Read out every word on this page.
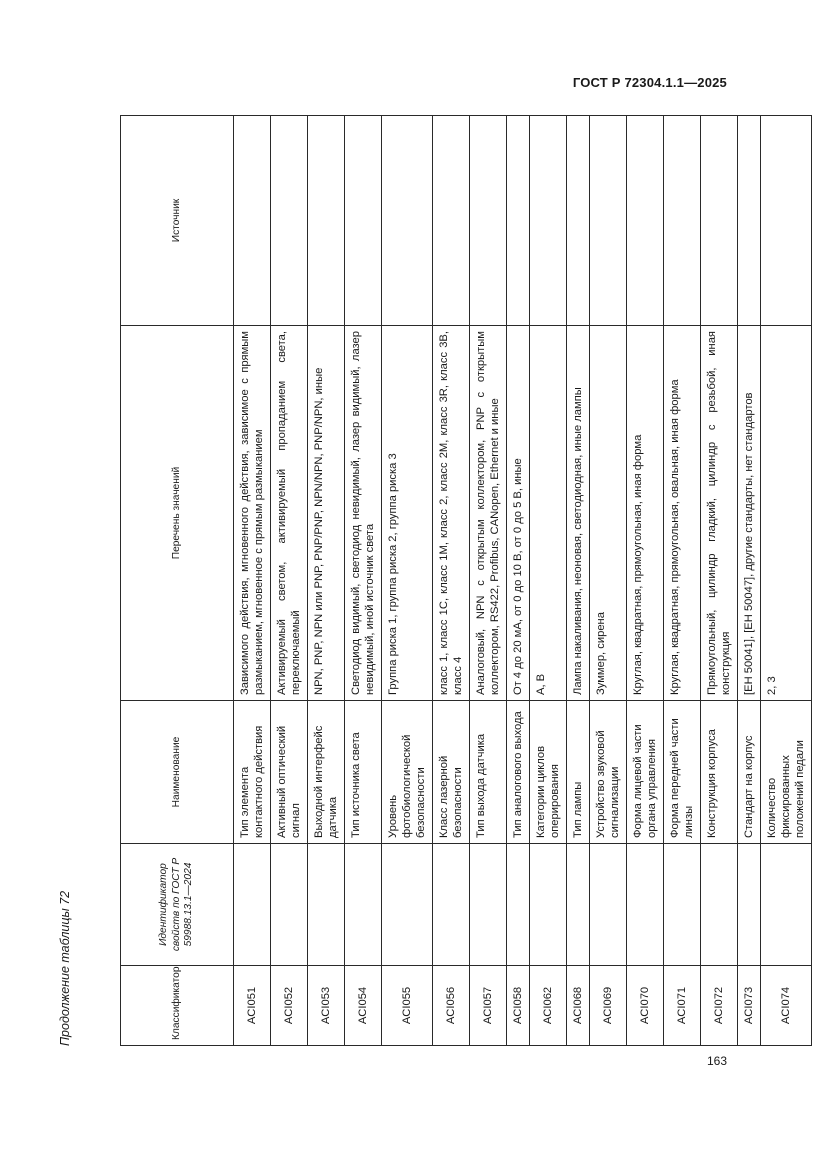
ГОСТ Р 72304.1.1—2025
Продолжение таблицы 72	Классификатор	Идентификатор свойств по ГОСТ Р 59988.13.1—2024	Наименование	Перечень значений	Источник
ACI051		Тип элемента контактного действия	Зависимого действия, мгновенного действия, зависимое с прямым размыканием, мгновенное с прямым размыканием	
ACI052		Активный оптический сигнал	Активируемый светом, активируемый пропаданием света, переключаемый	
ACI053		Выходной интерфейс датчика	NPN, PNP, NPN или PNP, PNP/PNP, NPN/NPN, PNP/NPN, иные	
ACI054		Тип источника света	Светодиод видимый, светодиод невидимый, лазер видимый, лазер невидимый, иной источник света	
ACI055		Уровень фотобиологической безопасности	Группа риска 1, группа риска 2, группа риска 3	
ACI056		Класс лазерной безопасности	класс 1, класс 1С, класс 1М, класс 2, класс 2М, класс 3R, класс 3В, класс 4	
ACI057		Тип выхода датчика	Аналоговый, NPN с открытым коллектором, PNP с открытым коллектором, RS422, Profibus, CANopen, Ethernet и иные	
ACI058		Тип аналогового выхода	От 4 до 20 мА, от 0 до 10 В, от 0 до 5 В, иные	
ACI062		Категории циклов оперирования	А, В	
ACI068		Тип лампы	Лампа накаливания, неоновая, светодиодная, иные лампы	
ACI069		Устройство звуковой сигнализации	Зуммер, сирена	
ACI070		Форма лицевой части органа управления	Круглая, квадратная, прямоугольная, иная форма	
ACI071		Форма передней части линзы	Круглая, квадратная, прямоугольная, овальная, иная форма	
ACI072		Конструкция корпуса	Прямоугольный, цилиндр гладкий, цилиндр с резьбой, иная конструкция	
ACI073		Стандарт на корпус	[EH 50041], [EH 50047], другие стандарты, нет стандартов	
ACI074		Количество фиксированных положений педали	2, 3	
163
